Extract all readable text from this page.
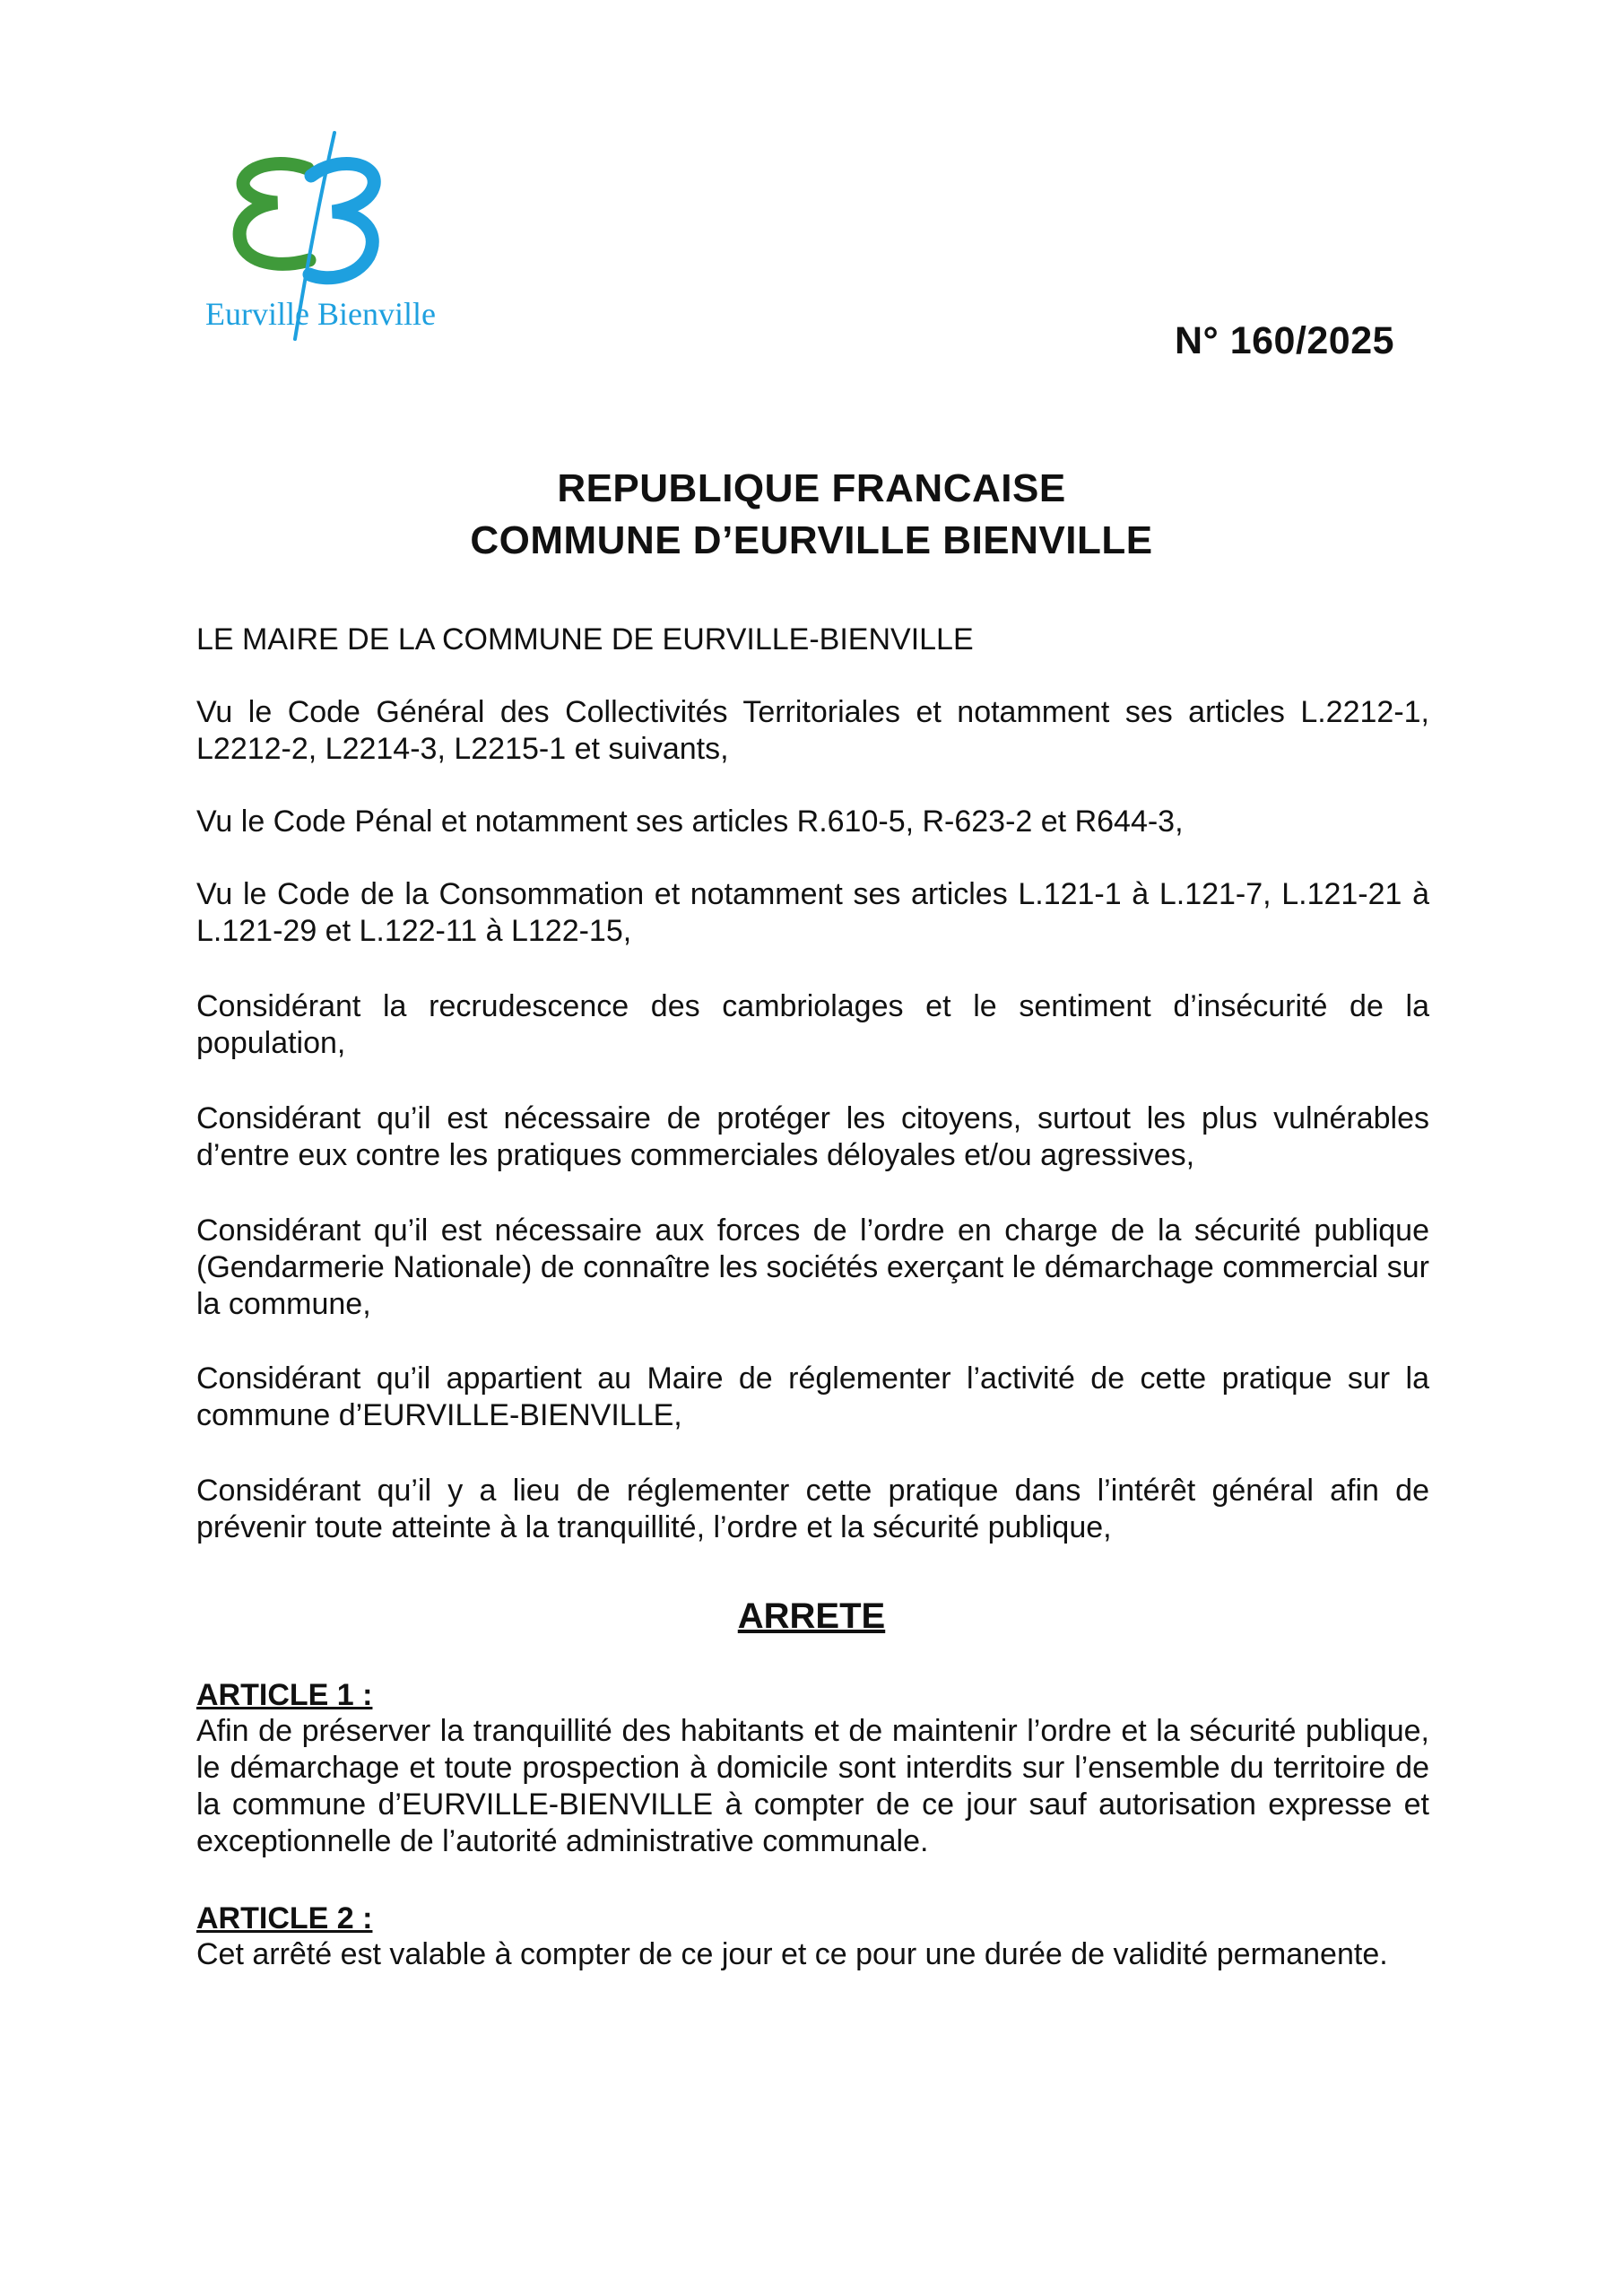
Eurville Bienville
N° 160/2025
REPUBLIQUE FRANCAISE
COMMUNE D’EURVILLE BIENVILLE

LE MAIRE DE LA COMMUNE DE EURVILLE-BIENVILLE

Vu le Code Général des Collectivités Territoriales et notamment ses articles L.2212-1, L2212-2, L2214-3, L2215-1 et suivants,

Vu le Code Pénal et notamment ses articles R.610-5, R-623-2 et R644-3,

Vu le Code de la Consommation et notamment ses articles L.121-1 à L.121-7, L.121-21 à L.121-29 et L.122-11 à L122-15,

Considérant la recrudescence des cambriolages et le sentiment d’insécurité de la population,

Considérant qu’il est nécessaire de protéger les citoyens, surtout les plus vulnérables d’entre eux contre les pratiques commerciales déloyales et/ou agressives,

Considérant qu’il est nécessaire aux forces de l’ordre en charge de la sécurité publique (Gendarmerie Nationale) de connaître les sociétés exerçant le démarchage commercial sur la commune,

Considérant qu’il appartient au Maire de réglementer l’activité de cette pratique sur la commune d’EURVILLE-BIENVILLE,

Considérant qu’il y a lieu de réglementer cette pratique dans l’intérêt général afin de prévenir toute atteinte à la tranquillité, l’ordre et la sécurité publique,

ARRETE
ARTICLE 1 :

Afin de préserver la tranquillité des habitants et de maintenir l’ordre et la sécurité publique, le démarchage et toute prospection à domicile sont interdits sur l’ensemble du territoire de la commune d’EURVILLE-BIENVILLE à compter de ce jour sauf autorisation expresse et exceptionnelle de l’autorité administrative communale.

ARTICLE 2 :

Cet arrêté est valable à compter de ce jour et ce pour une durée de validité permanente.
